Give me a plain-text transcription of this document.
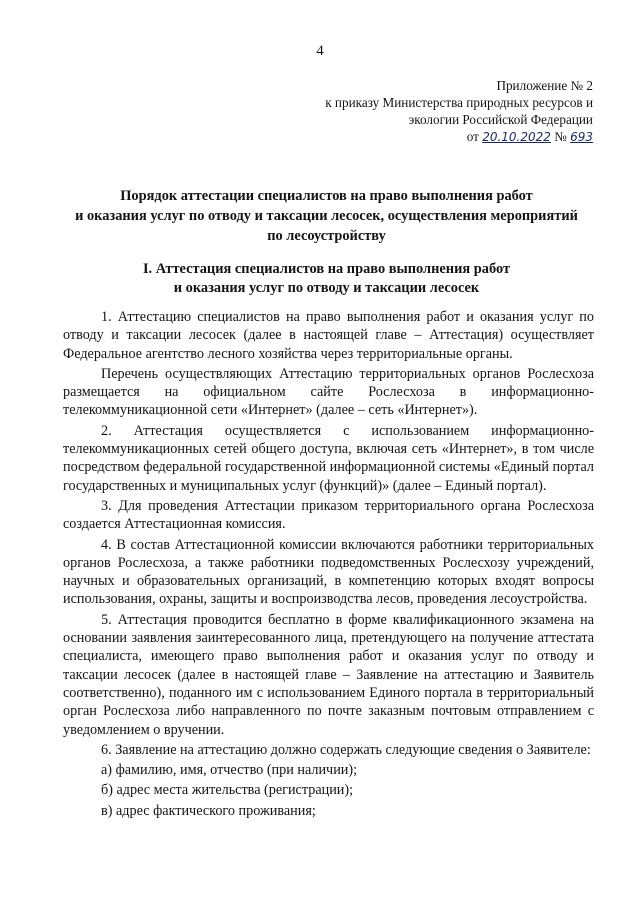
4
Приложение № 2
к приказу Министерства природных ресурсов и
экологии Российской Федерации
от 20.10.2022 № 693
Порядок аттестации специалистов на право выполнения работ
и оказания услуг по отводу и таксации лесосек, осуществления мероприятий
по лесоустройству
I. Аттестация специалистов на право выполнения работ
и оказания услуг по отводу и таксации лесосек

1. Аттестацию специалистов на право выполнения работ и оказания услуг по отводу и таксации лесосек (далее в настоящей главе – Аттестация) осуществляет Федеральное агентство лесного хозяйства через территориальные органы.

Перечень осуществляющих Аттестацию территориальных органов Рослесхоза размещается на официальном сайте Рослесхоза в информационно-телекоммуникационной сети «Интернет» (далее – сеть «Интернет»).

2. Аттестация осуществляется с использованием информационно-телекоммуникационных сетей общего доступа, включая сеть «Интернет», в том числе посредством федеральной государственной информационной системы «Единый портал государственных и муниципальных услуг (функций)» (далее – Единый портал).

3. Для проведения Аттестации приказом территориального органа Рослесхоза создается Аттестационная комиссия.

4. В состав Аттестационной комиссии включаются работники территориальных органов Рослесхоза, а также работники подведомственных Рослесхозу учреждений, научных и образовательных организаций, в компетенцию которых входят вопросы использования, охраны, защиты и воспроизводства лесов, проведения лесоустройства.

5. Аттестация проводится бесплатно в форме квалификационного экзамена на основании заявления заинтересованного лица, претендующего на получение аттестата специалиста, имеющего право выполнения работ и оказания услуг по отводу и таксации лесосек (далее в настоящей главе – Заявление на аттестацию и Заявитель соответственно), поданного им с использованием Единого портала в территориальный орган Рослесхоза либо направленного по почте заказным почтовым отправлением с уведомлением о вручении.

6. Заявление на аттестацию должно содержать следующие сведения о Заявителе:

а) фамилию, имя, отчество (при наличии);

б) адрес места жительства (регистрации);

в) адрес фактического проживания;
